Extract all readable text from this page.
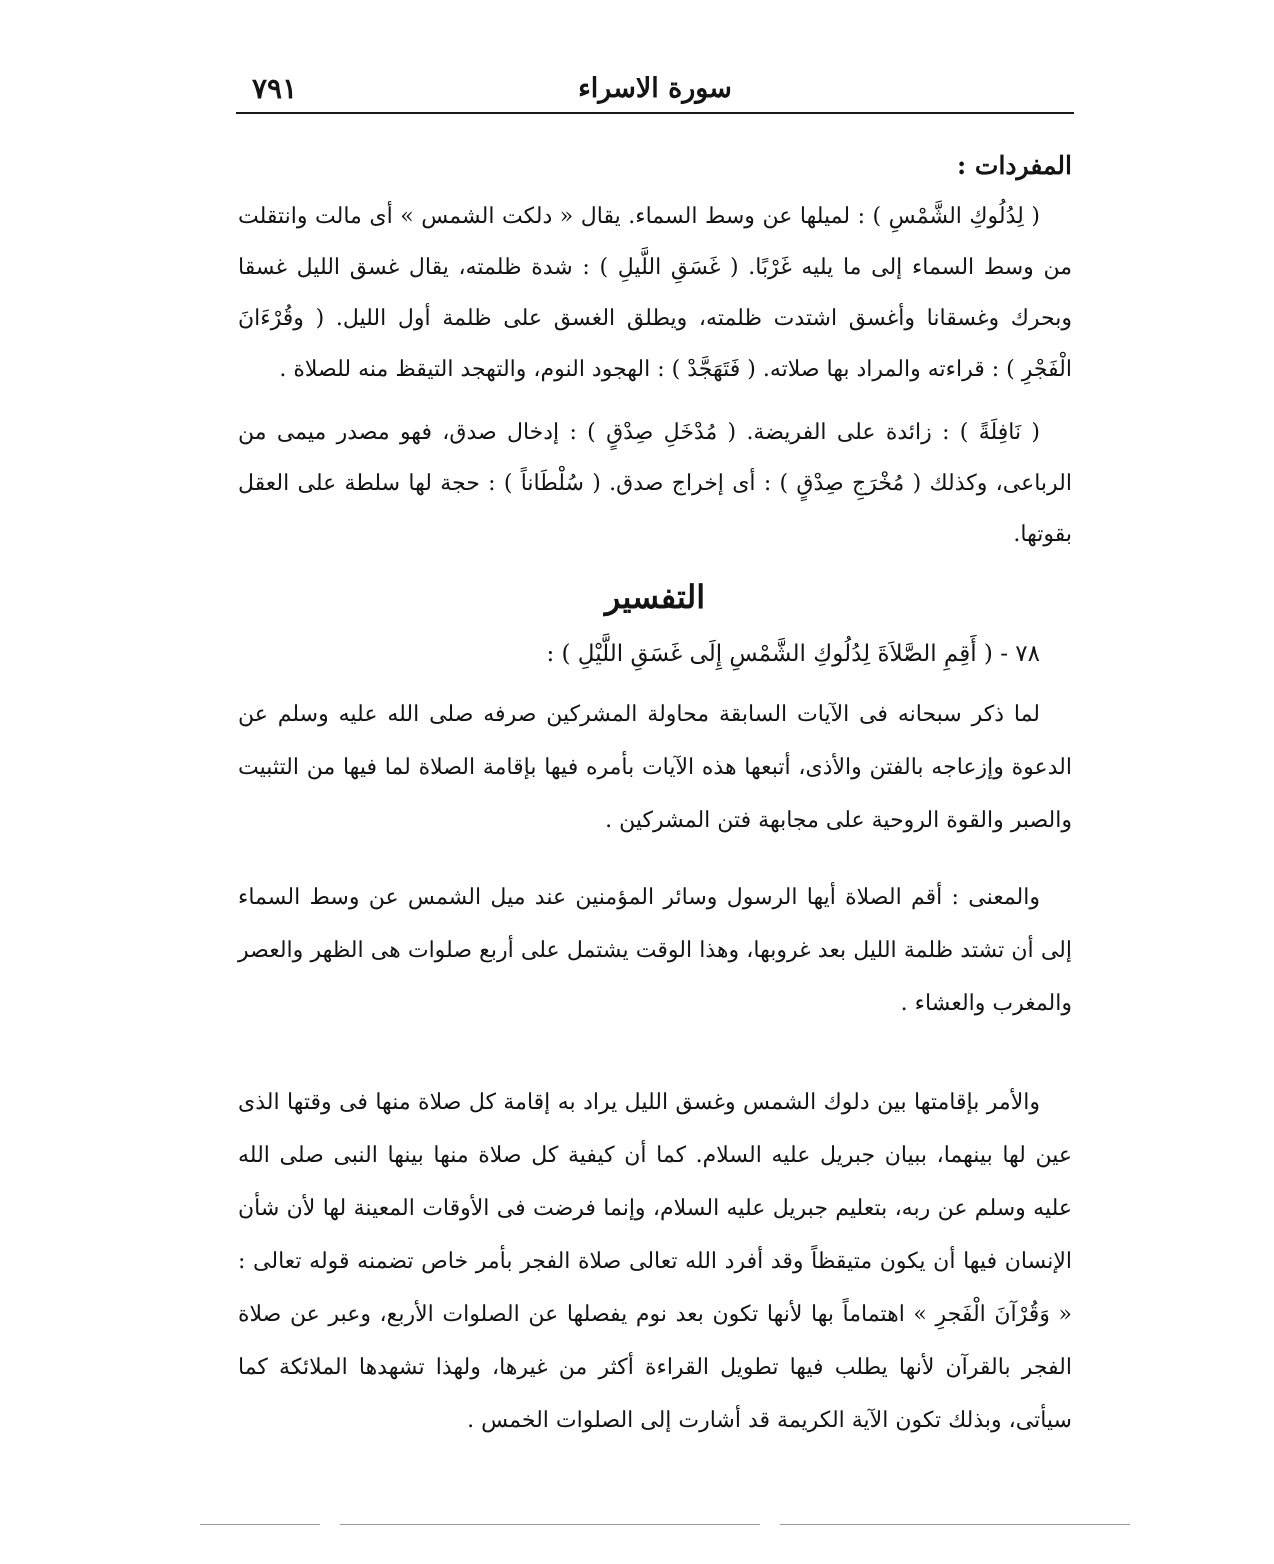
سورة الاسراء
٧٩١

المفردات :

( لِدُلُوكِ الشَّمْسِ ) : لميلها عن وسط السماء. يقال « دلكت الشمس » أى مالت وانتقلت من وسط السماء إلى ما يليه غَرْبًا. ( غَسَقِ اللَّيلِ ) : شدة ظلمته، يقال غسق الليل غسقا وبحرك وغسقانا وأغسق اشتدت ظلمته، ويطلق الغسق على ظلمة أول الليل. ( وقُرْءَانَ الْفَجْرِ ) : قراءته والمراد بها صلاته. ( فَتَهَجَّدْ ) : الهجود النوم، والتهجد التيقظ منه للصلاة .

( نَافِلَةً ) : زائدة على الفريضة. ( مُدْخَلِ صِدْقٍ ) : إدخال صدق، فهو مصدر ميمى من الرباعى، وكذلك ( مُخْرَجِ صِدْقٍ ) : أى إخراج صدق. ( سُلْطَاناً ) : حجة لها سلطة على العقل بقوتها.

التفسير

٧٨ - ( أَقِمِ الصَّلاَةَ لِدُلُوكِ الشَّمْسِ إِلَى غَسَقِ اللَّيْلِ ) :

لما ذكر سبحانه فى الآيات السابقة محاولة المشركين صرفه صلى الله عليه وسلم عن الدعوة وإزعاجه بالفتن والأذى، أتبعها هذه الآيات بأمره فيها بإقامة الصلاة لما فيها من التثبيت والصبر والقوة الروحية على مجابهة فتن المشركين .

والمعنى : أقم الصلاة أيها الرسول وسائر المؤمنين عند ميل الشمس عن وسط السماء إلى أن تشتد ظلمة الليل بعد غروبها، وهذا الوقت يشتمل على أربع صلوات هى الظهر والعصر والمغرب والعشاء .

والأمر بإقامتها بين دلوك الشمس وغسق الليل يراد به إقامة كل صلاة منها فى وقتها الذى عين لها بينهما، ببيان جبريل عليه السلام. كما أن كيفية كل صلاة منها بينها النبى صلى الله عليه وسلم عن ربه، بتعليم جبريل عليه السلام، وإنما فرضت فى الأوقات المعينة لها لأن شأن الإنسان فيها أن يكون متيقظاً وقد أفرد الله تعالى صلاة الفجر بأمر خاص تضمنه قوله تعالى : « وَقُرْآنَ الْفَجرِ » اهتماماً بها لأنها تكون بعد نوم يفصلها عن الصلوات الأربع، وعبر عن صلاة الفجر بالقرآن لأنها يطلب فيها تطويل القراءة أكثر من غيرها، ولهذا تشهدها الملائكة كما سيأتى، وبذلك تكون الآية الكريمة قد أشارت إلى الصلوات الخمس .
